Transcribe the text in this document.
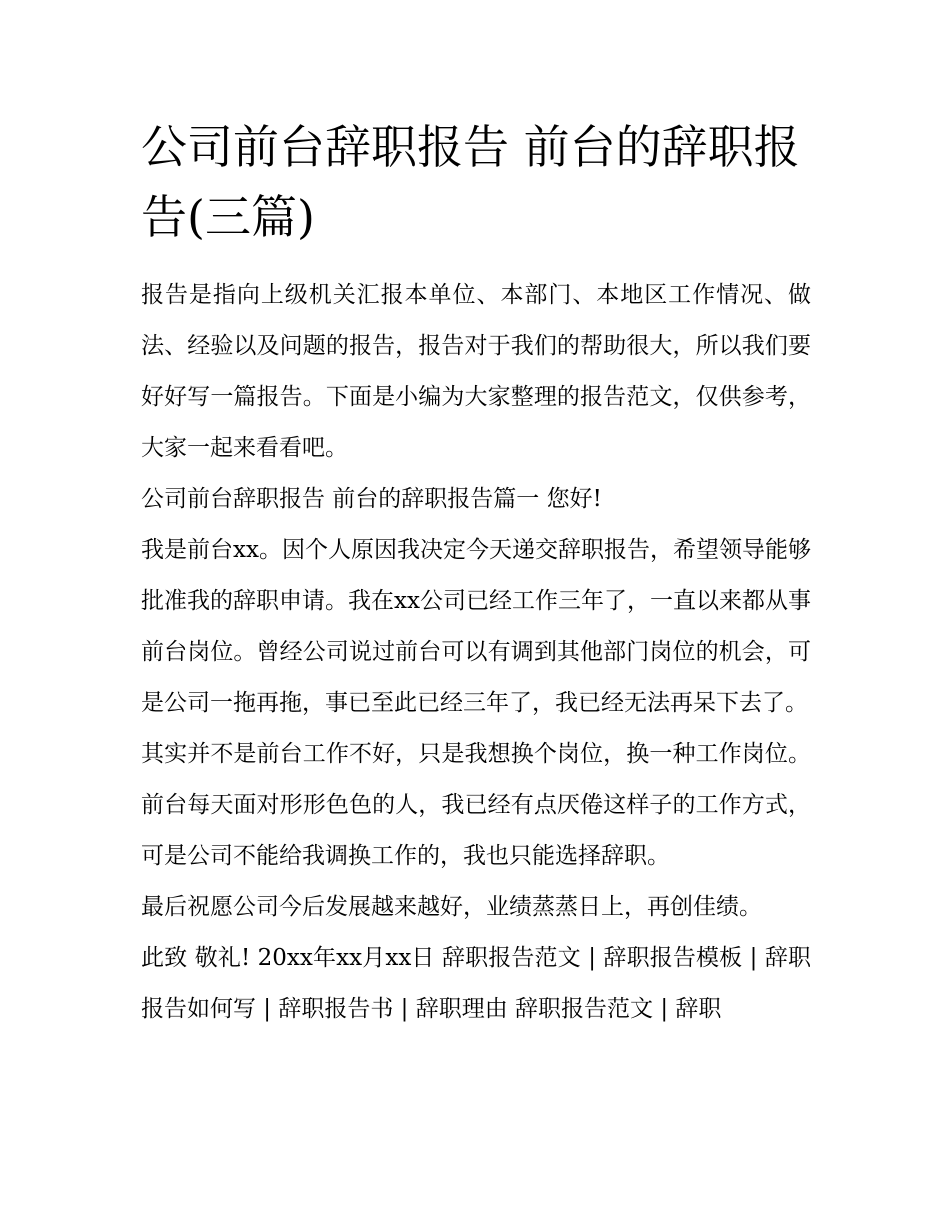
公司前台辞职报告 前台的辞职报告(三篇)

报告是指向上级机关汇报本单位、本部门、本地区工作情况、做法、经验以及问题的报告，报告对于我们的帮助很大，所以我们要好好写一篇报告。下面是小编为大家整理的报告范文，仅供参考，大家一起来看看吧。

公司前台辞职报告 前台的辞职报告篇一 您好!

我是前台xx。因个人原因我决定今天递交辞职报告，希望领导能够批准我的辞职申请。我在xx公司已经工作三年了，一直以来都从事前台岗位。曾经公司说过前台可以有调到其他部门岗位的机会，可是公司一拖再拖，事已至此已经三年了，我已经无法再呆下去了。

其实并不是前台工作不好，只是我想换个岗位，换一种工作岗位。前台每天面对形形色色的人，我已经有点厌倦这样子的工作方式，可是公司不能给我调换工作的，我也只能选择辞职。

最后祝愿公司今后发展越来越好，业绩蒸蒸日上，再创佳绩。

此致 敬礼! 20xx年xx月xx日 辞职报告范文 | 辞职报告模板 | 辞职报告如何写 | 辞职报告书 | 辞职理由 辞职报告范文 | 辞职
